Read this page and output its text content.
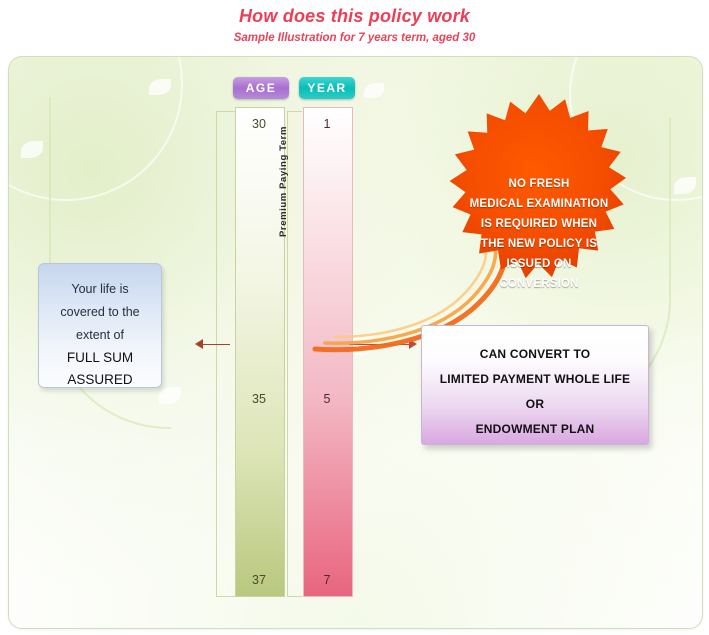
How does this policy work
Sample Illustration for 7 years term, aged 30
AGE	YEAR
30
35
37
Premium Paying Term
1
5
7
Your life is
covered to the
extent of
FULL SUM
ASSURED
NO FRESH
MEDICAL EXAMINATION
IS REQUIRED WHEN
THE NEW POLICY IS
ISSUED ON
CONVERSION
CAN CONVERT TO
LIMITED PAYMENT WHOLE LIFE
OR
ENDOWMENT PLAN
